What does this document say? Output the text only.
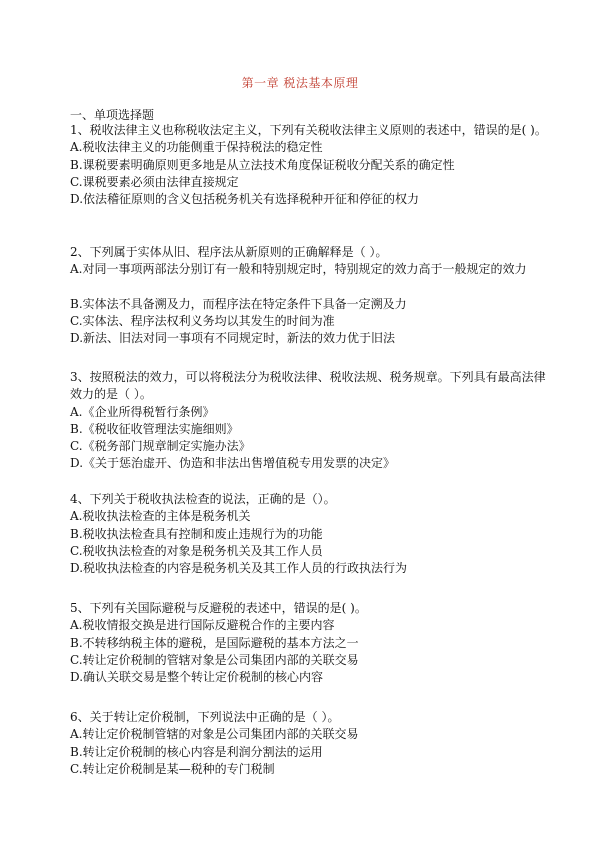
第一章 税法基本原理
一、单项选择题

1、税收法律主义也称税收法定主义，下列有关税收法律主义原则的表述中，错误的是( )。

A.税收法律主义的功能侧重于保持税法的稳定性

B.课税要素明确原则更多地是从立法技术角度保证税收分配关系的确定性

C.课税要素必须由法律直接规定

D.依法稽征原则的含义包括税务机关有选择税种开征和停征的权力

2、下列属于实体从旧、程序法从新原则的正确解释是（ ）。

A.对同一事项两部法分别订有一般和特别规定时，特别规定的效力高于一般规定的效力

B.实体法不具备溯及力，而程序法在特定条件下具备一定溯及力

C.实体法、程序法权利义务均以其发生的时间为准

D.新法、旧法对同一事项有不同规定时，新法的效力优于旧法

3、按照税法的效力，可以将税法分为税收法律、税收法规、税务规章。下列具有最高法律效力的是（ ）。

A.《企业所得税暂行条例》

B.《税收征收管理法实施细则》

C.《税务部门规章制定实施办法》

D.《关于惩治虚开、伪造和非法出售增值税专用发票的决定》

4、下列关于税收执法检查的说法，正确的是（）。

A.税收执法检查的主体是税务机关

B.税收执法检查具有控制和废止违规行为的功能

C.税收执法检查的对象是税务机关及其工作人员

D.税收执法检查的内容是税务机关及其工作人员的行政执法行为

5、下列有关国际避税与反避税的表述中，错误的是( )。

A.税收情报交换是进行国际反避税合作的主要内容

B.不转移纳税主体的避税，是国际避税的基本方法之一

C.转让定价税制的管辖对象是公司集团内部的关联交易

D.确认关联交易是整个转让定价税制的核心内容

6、关于转让定价税制，下列说法中正确的是（ ）。

A.转让定价税制管辖的对象是公司集团内部的关联交易

B.转让定价税制的核心内容是利润分割法的运用

C.转让定价税制是某—税种的专门税制
